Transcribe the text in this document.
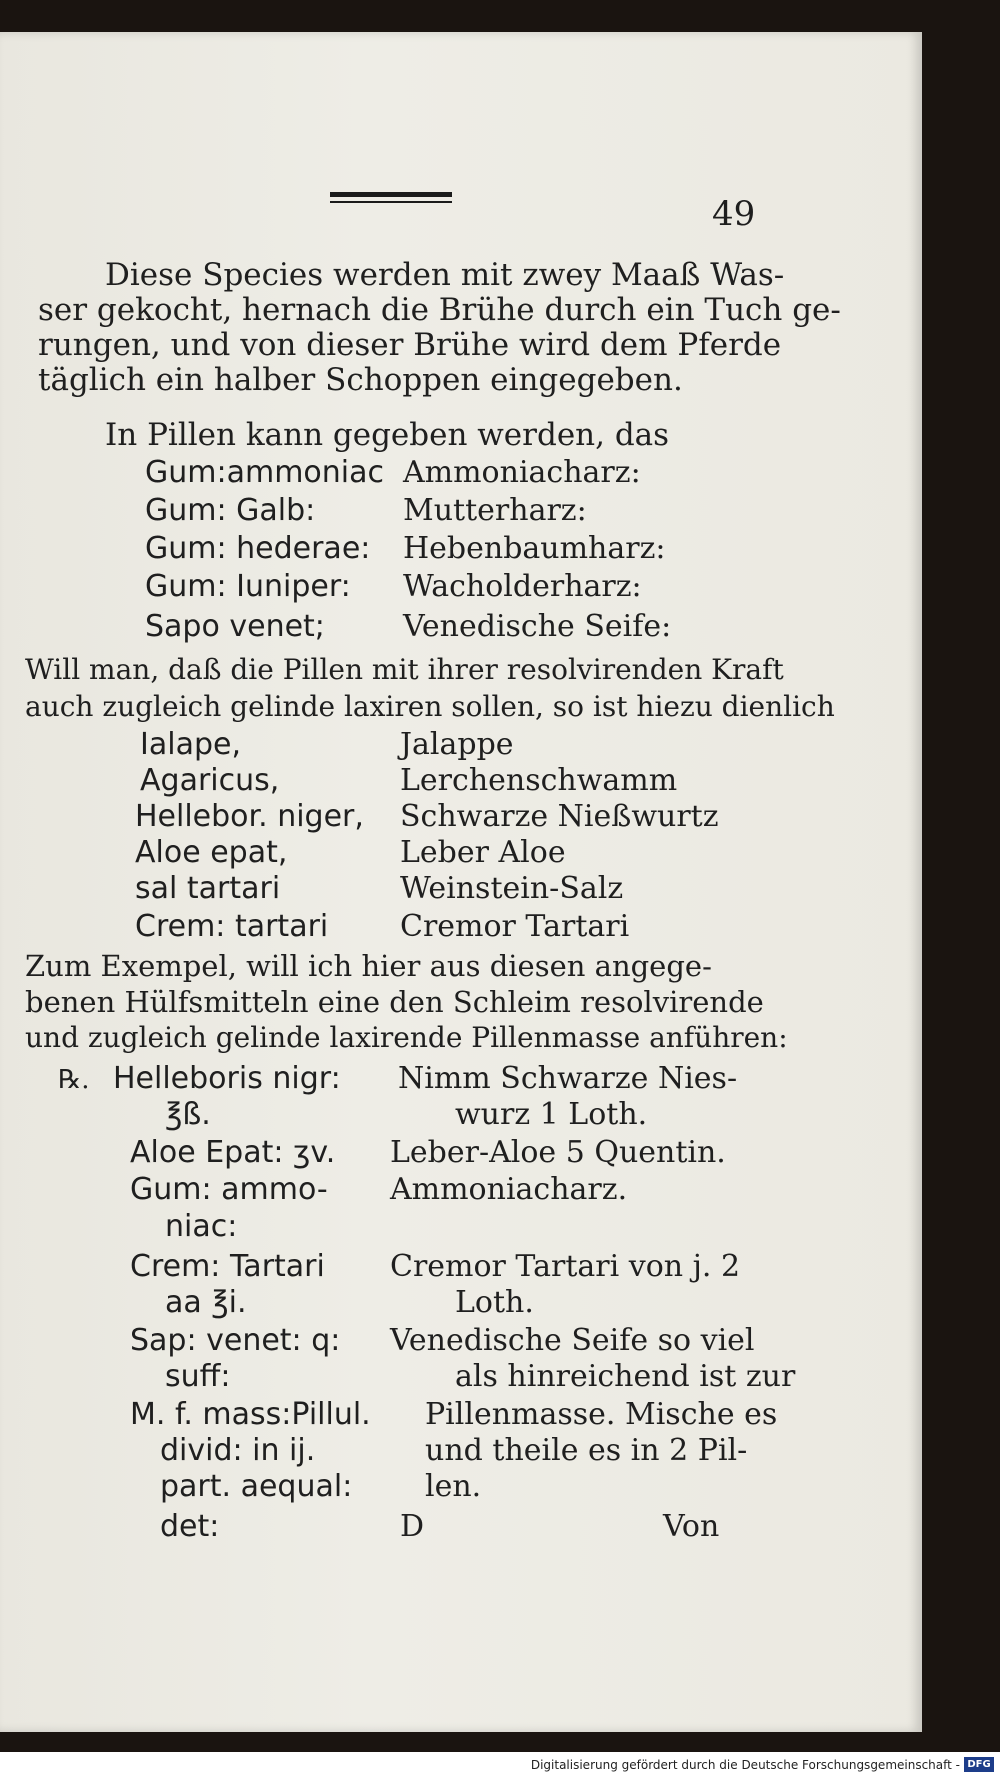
49
Diese Species werden mit zwey Maaß Was-
ser gekocht, hernach die Brühe durch ein Tuch ge-
rungen, und von dieser Brühe wird dem Pferde
täglich ein halber Schoppen eingegeben.
In Pillen kann gegeben werden, das
Gum:ammoniac Ammoniacharz:
Gum: Galb:	Mutterharz:
Gum: hederae: Hebenbaumharz:
Gum: Iuniper: Wacholderharz:
Sapo venet;	Venedische Seife:
Will man, daß die Pillen mit ihrer resolvirenden Kraft
auch zugleich gelinde laxiren sollen, so ist hiezu dienlich
Ialape,	Jalappe
Agaricus,	Lerchenschwamm
Hellebor. niger, Schwarze Nießwurtz
Aloe epat,	Leber Aloe
sal tartari	Weinstein-Salz
Crem: tartari Cremor Tartari
Zum Exempel, will ich hier aus diesen angege-
benen Hülfsmitteln eine den Schleim resolvirende
und zugleich gelinde laxirende Pillenmasse anführen:
℞. Helleboris nigr: Nimm Schwarze Nies-
℥ß.	wurz 1 Loth.
Aloe Epat: ʒv. Leber-Aloe 5 Quentin.
Gum: ammo- Ammoniacharz.
niac:
Crem: Tartari Cremor Tartari von j. 2
aa ℥i.	Loth.
Sap: venet: q: Venedische Seife so viel
suff:	als hinreichend ist zur
M. f. mass:Pillul. Pillenmasse. Mische es
divid: in ij.	und theile es in 2 Pil-
part. aequal: len.
det:	D	Von
Digitalisierung gefördert durch die Deutsche Forschungsgemeinschaft - DFG
